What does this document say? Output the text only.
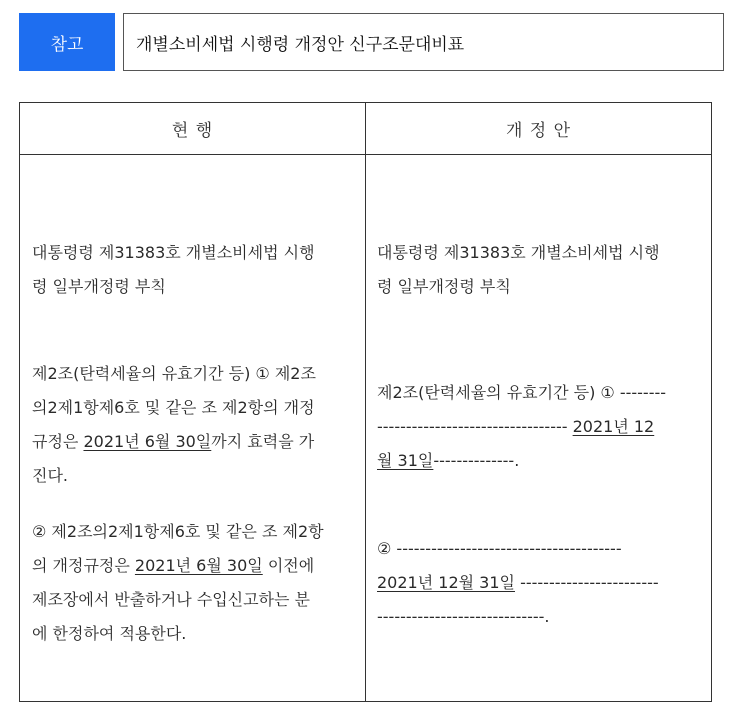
참고	개별소비세법 시행령 개정안 신구조문대비표
현 행	개 정 안
대통령령 제31383호 개별소비세법 시행
령 일부개정령 부칙
제2조(탄력세율의 유효기간 등) ① 제2조
의2제1항제6호 및 같은 조 제2항의 개정
규정은 2021년 6월 30일까지 효력을 가
진다.
② 제2조의2제1항제6호 및 같은 조 제2항
의 개정규정은 2021년 6월 30일 이전에
제조장에서 반출하거나 수입신고하는 분
에 한정하여 적용한다.
대통령령 제31383호 개별소비세법 시행
령 일부개정령 부칙
제2조(탄력세율의 유효기간 등) ① --------
--------------------------------- 2021년 12
월 31일--------------.
② ---------------------------------------
2021년 12월 31일 ------------------------
-----------------------------.
